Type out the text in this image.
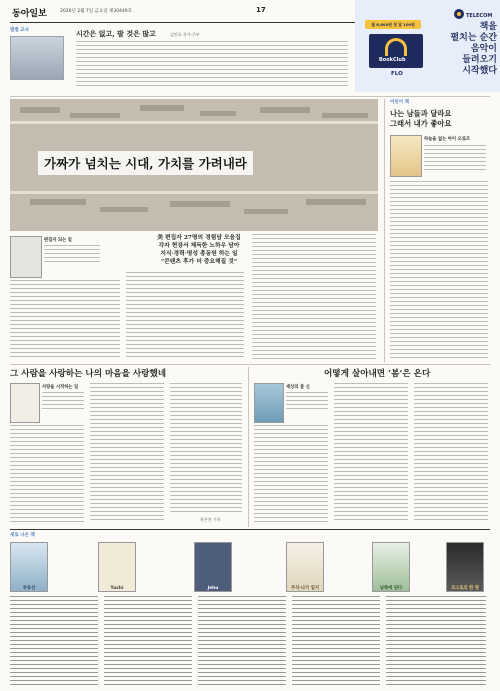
동아일보	2020년 2월 7일 금요일 제30449호	17
TELECOM
책을
펼치는 순간
음악이
들려오기
시작했다
월 6,600원 첫 달 100원
BookClub
FLO
별별 교사	시간은 없고, 팔 것은 많고	김민호 작가·주부
가짜가 넘치는 시대, 가치를 가려내라
편집자 되는 일	美 편집자 27명의 경험담 모음집
각자 현장서 체득한 노하우 담아
지식·경력·명성 총동원 하는 일
“콘텐츠 후가 더 중요해질 것”
어린이 책
나는 남들과 달라요
그래서 내가 좋아요
하늘을 없는 아이 오로르
그 사람을 사랑하는 나의 마음을 사랑했네
사랑을 시작하는 일
차은홍 기자
어떻게 살아내면 ‘봄’은 온다
세상의 봄 신
새로 나온 책
부동산	Yuchi	Jehu	주식·나가 일지	남쪽에 된다	코스토의 한 명
